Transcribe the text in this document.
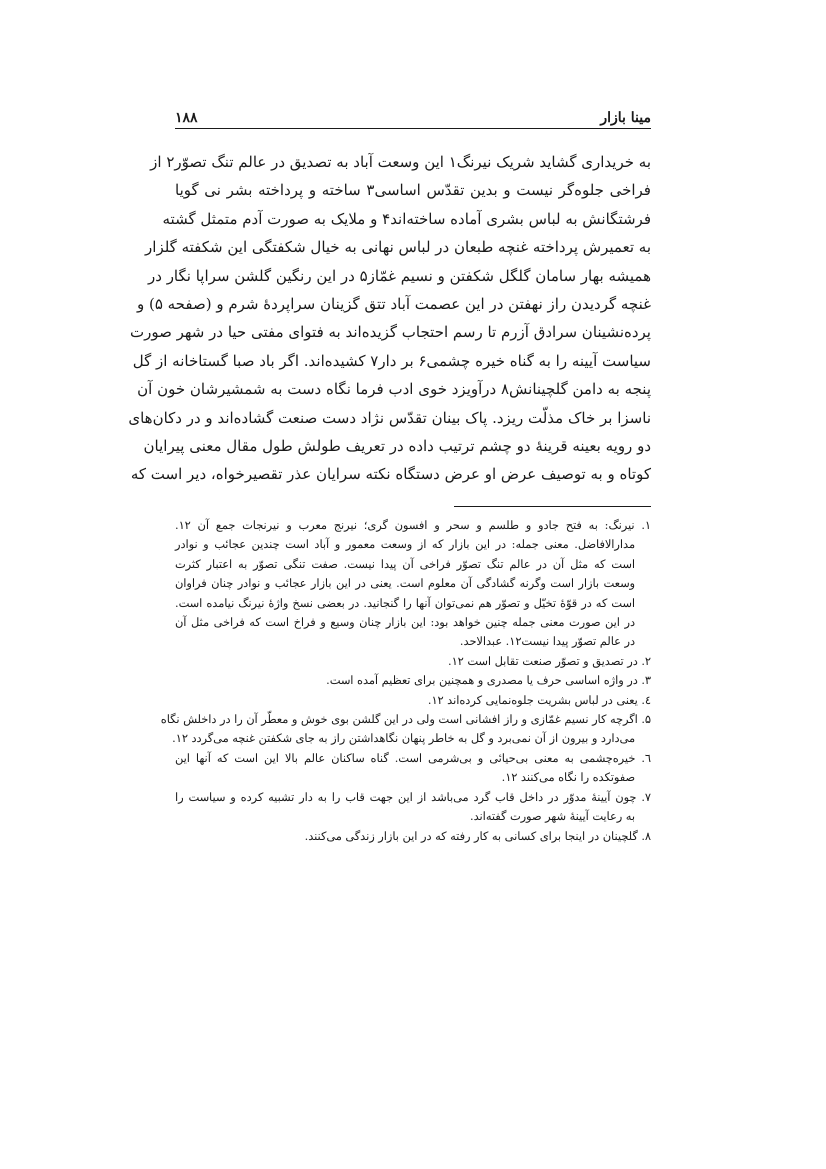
مینا بازار
۱۸۸
به خریداری گشاید شریک نیرنگ۱ این وسعت آباد به تصدیق در عالم تنگ تصوّر۲ از
فراخی جلوه‌گر نیست و بدین تقدّس اساسی۳ ساخته و پرداخته بشر نی گویا
فرشتگانش به لباس بشری آماده ساخته‌اند۴ و ملایک به صورت آدم متمثل گشته
به تعمیرش پرداخته غنچه طبعان در لباس نهانی به خیال شکفتگی این شکفته گلزار
همیشه بهار سامان گلگل شکفتن و نسیم غمّاز۵ در این رنگین گلشن سراپا نگار در
غنچه گردیدن راز نهفتن در این عصمت آباد تتق گزینان سراپردهٔ شرم و (صفحه ۵) و
پرده‌نشینان سرادق آزرم تا رسم احتجاب گزیده‌اند به فتوای مفتی حیا در شهر صورت
سیاست آیینه را به گناه خیره چشمی۶ بر دار۷ کشیده‌اند. اگر باد صبا گستاخانه از گل
پنجه به دامن گلچینانش۸ درآویزد خوی ادب فرما نگاه دست به شمشیرشان خون آن
ناسزا بر خاک مذلّت ریزد. پاک بینان تقدّس نژاد دست صنعت گشاده‌اند و در دکان‌های
دو رویه بعینه قرینهٔ دو چشم ترتیب داده در تعریف طولش طول مقال معنی پیرایان
کوتاه و به توصیف عرض او عرض دستگاه نکته سرایان عذر تقصیرخواه، دیر است که
۱. نیرنگ: به فتح جادو و طلسم و سحر و افسون گری؛ نیرنج معرب و نیرنجات جمع آن ۱۲.
مدارالافاضل. معنی جمله: در این بازار که از وسعت معمور و آباد است چندین عجائب و نوادر
است که مثل آن در عالم تنگ تصوّر فراخی آن پیدا نیست. صفت تنگی تصوّر به اعتبار کثرت
وسعت بازار است وگرنه گشادگی آن معلوم است. یعنی در این بازار عجائب و نوادر چنان فراوان
است که در قوّهٔ تخیّل و تصوّر هم نمی‌توان آنها را گنجانید. در بعضی نسخ واژهٔ نیرنگ نیامده است.
در این صورت معنی جمله چنین خواهد بود: این بازار چنان وسیع و فراخ است که فراخی مثل آن
در عالم تصوّر پیدا نیست۱۲. عبدالاحد.
۲. در تصدیق و تصوّر صنعت تقابل است ۱۲.
۳. در واژه اساسی حرف یا مصدری و همچنین برای تعظیم آمده است.
٤. یعنی در لباس بشریت جلوه‌نمایی کرده‌اند ۱۲.
۵. اگرچه کار نسیم غمّازی و راز افشانی است ولی در این گلشن بوی خوش و معطّر آن را در داخلش نگاه
می‌دارد و بیرون از آن نمی‌برد و گل به خاطر پنهان نگاهداشتن راز به جای شکفتن غنچه می‌گردد ۱۲.
٦. خیره‌چشمی به معنی بی‌حیائی و بی‌شرمی است. گناه ساکنان عالم بالا این است که آنها این
صفوتکده را نگاه می‌کنند ۱۲.
۷. چون آیینهٔ مدوّر در داخل قاب گرد می‌باشد از این جهت قاب را به دار تشبیه کرده و سیاست را
به رعایت آیینهٔ شهر صورت گفته‌اند.
۸. گلچینان در اینجا برای کسانی به کار رفته که در این بازار زندگی می‌کنند.
